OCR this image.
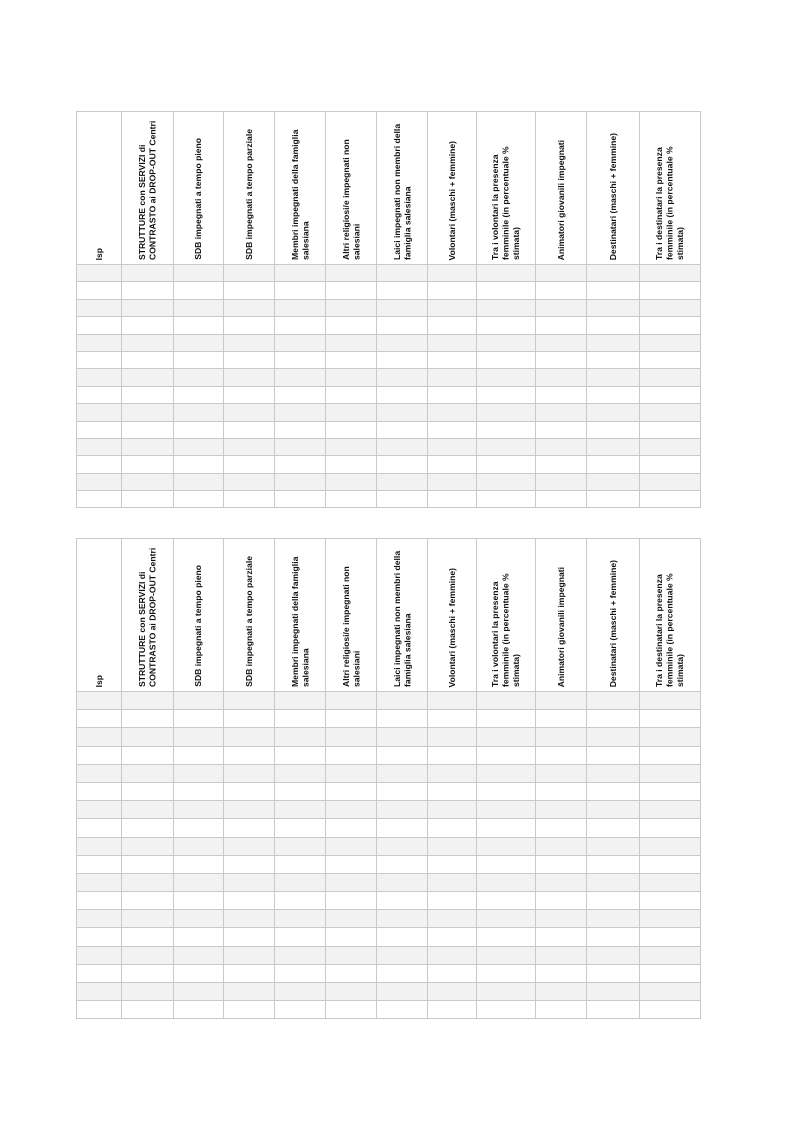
Isp	STRUTTURE con SERVIZI di CONTRASTO ai DROP-OUT Centri	SDB impegnati a tempo pieno	SDB impegnati a tempo parziale	Membri impegnati della famiglia salesiana	Altri religiosi/e impegnati non salesiani	Laici impegnati non membri della famiglia salesiana	Volontari (maschi + femmine)	Tra i volontari la presenza femminile (in percentuale % stimata)	Animatori giovanili impegnati	Destinatari (maschi + femmine)	Tra i destinatari la presenza femminile (in percentuale % stimata)

Isp	STRUTTURE con SERVIZI di CONTRASTO ai DROP-OUT Centri	SDB impegnati a tempo pieno	SDB impegnati a tempo parziale	Membri impegnati della famiglia salesiana	Altri religiosi/e impegnati non salesiani	Laici impegnati non membri della famiglia salesiana	Volontari (maschi + femmine)	Tra i volontari la presenza femminile (in percentuale % stimata)	Animatori giovanili impegnati	Destinatari (maschi + femmine)	Tra i destinatari la presenza femminile (in percentuale % stimata)
